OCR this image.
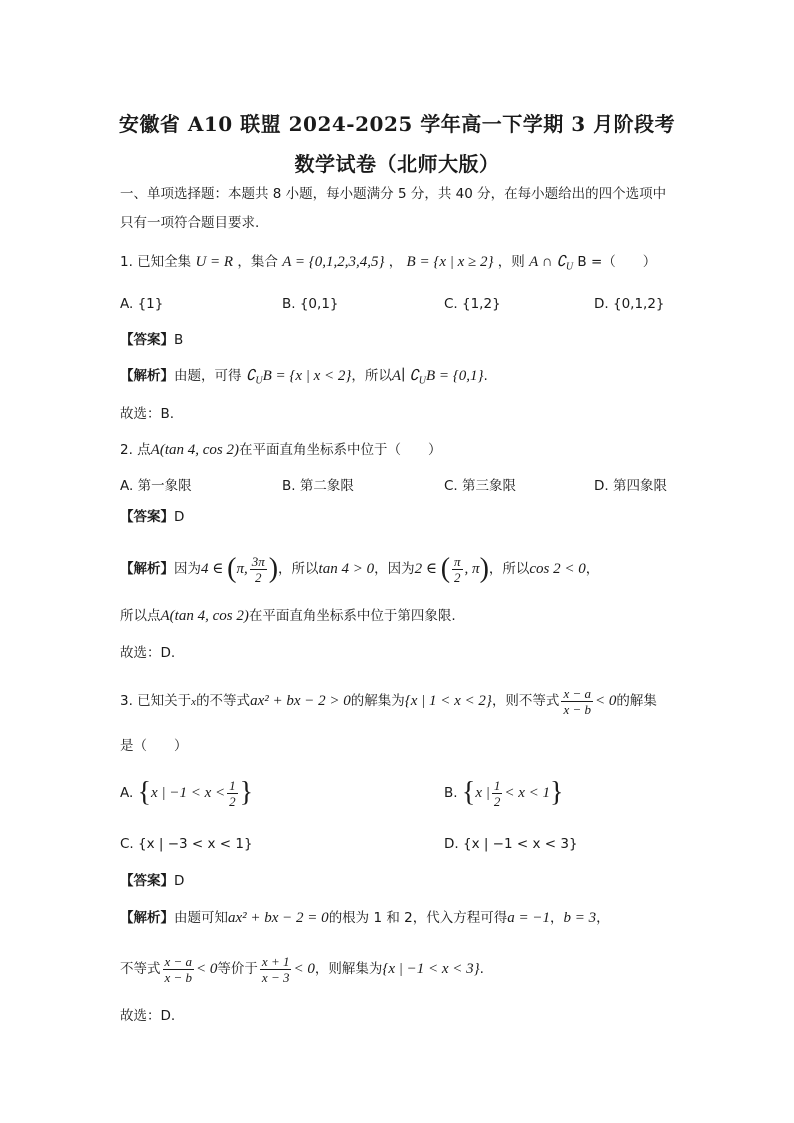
安徽省 A10 联盟 2024-2025 学年高一下学期 3 月阶段考
数学试卷（北师大版）
一、单项选择题：本题共 8 小题，每小题满分 5 分，共 40 分，在每小题给出的四个选项中
只有一项符合题目要求.
1. 已知全集 U = R ，集合 A = {0,1,2,3,4,5} ， B = {x | x ≥ 2} ，则 A ∩ $∁_U$ B =（　　）
A. {1}	B. {0,1}	C. {1,2}	D. {0,1,2}
【答案】B
【解析】由题，可得 $∁_UB = \{x$ | x < 2}，所以A∣ $∁_UB = \{0,1\}$.
故选：B.
2. 点A(tan 4, cos 2)在平面直角坐标系中位于（　　）
A. 第一象限	B. 第二象限	C. 第三象限	D. 第四象限
【答案】D
【解析】因为4 ∈ (π, $\frac{3\pi}{2}$ )，所以tan 4 > 0，因为2 ∈ ( $\frac{\pi}{2}$ , π)，所以cos 2 < 0，
所以点A(tan 4, cos 2)在平面直角坐标系中位于第四象限.
故选：D.
3. 已知关于x的不等式ax² + bx − 2 > 0的解集为{x | 1 < x < 2}，则不等式 $\frac{x - a}{x - b} < 0$的解集
是（　　）
A. {x | $-1 < x < \frac{1}{2}$ }	B. {x | $\frac{1}{2} < x < 1$}
C. {x | −3 < x < 1}	D. {x | −1 < x < 3}
【答案】D
【解析】由题可知ax² + bx − 2 = 0的根为 1 和 2，代入方程可得a = −1，b = 3，
不等式 $\frac{x - a}{x - b} < 0$等价于 $\frac{x + 1}{x - 3} < 0$，则解集为{x | −1 < x < 3}.
故选：D.
